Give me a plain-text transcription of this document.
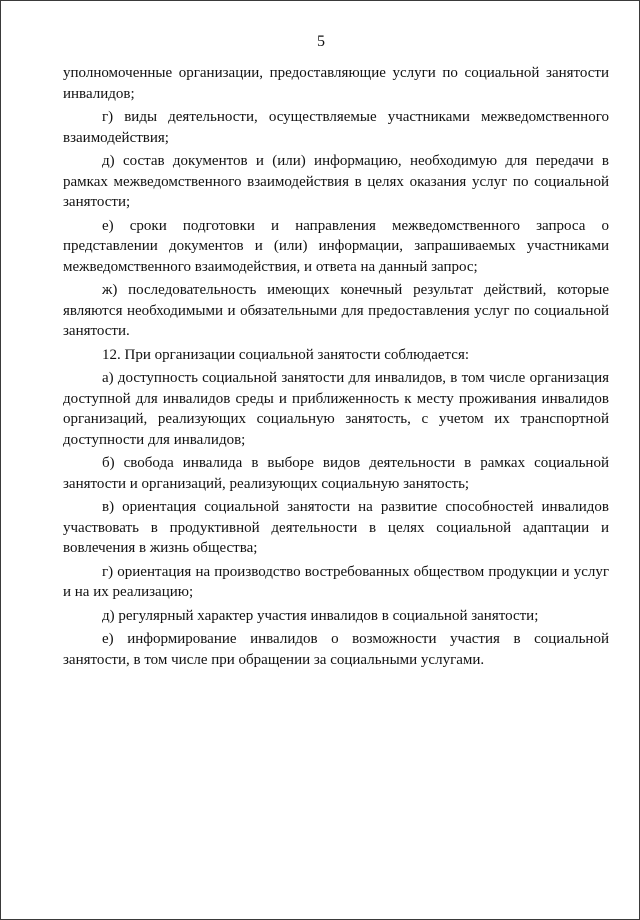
5

уполномоченные организации, предоставляющие услуги по социальной занятости инвалидов;

г) виды деятельности, осуществляемые участниками межведомственного взаимодействия;

д) состав документов и (или) информацию, необходимую для передачи в рамках межведомственного взаимодействия в целях оказания услуг по социальной занятости;

е) сроки подготовки и направления межведомственного запроса о представлении документов и (или) информации, запрашиваемых участниками межведомственного взаимодействия, и ответа на данный запрос;

ж) последовательность имеющих конечный результат действий, которые являются необходимыми и обязательными для предоставления услуг по социальной занятости.

12. При организации социальной занятости соблюдается:

а) доступность социальной занятости для инвалидов, в том числе организация доступной для инвалидов среды и приближенность к месту проживания инвалидов организаций, реализующих социальную занятость, с учетом их транспортной доступности для инвалидов;

б) свобода инвалида в выборе видов деятельности в рамках социальной занятости и организаций, реализующих социальную занятость;

в) ориентация социальной занятости на развитие способностей инвалидов участвовать в продуктивной деятельности в целях социальной адаптации и вовлечения в жизнь общества;

г) ориентация на производство востребованных обществом продукции и услуг и на их реализацию;

д) регулярный характер участия инвалидов в социальной занятости;

е) информирование инвалидов о возможности участия в социальной занятости, в том числе при обращении за социальными услугами.
